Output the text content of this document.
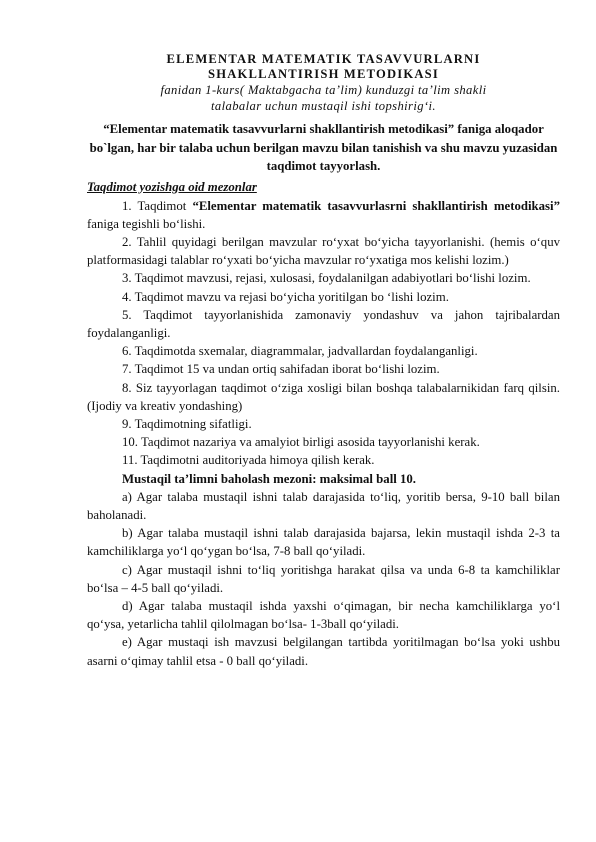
ELEMENTAR MATEMATIK TASAVVURLARNI

SHAKLLANTIRISH METODIKASI

fanidan 1-kurs( Maktabgacha ta’lim) kunduzgi ta’lim shakli

talabalar uchun mustaqil ishi topshirig‘i.

“Elementar matematik tasavvurlarni shakllantirish metodikasi” faniga aloqador bo`lgan, har bir talaba uchun berilgan mavzu bilan tanishish va shu mavzu yuzasidan taqdimot tayyorlash.

Taqdimot yozishga oid mezonlar

1. Taqdimot “Elementar matematik tasavvurlasrni shakllantirish metodikasi” faniga tegishli bo‘lishi.

2. Tahlil quyidagi berilgan mavzular ro‘yxat bo‘yicha tayyorlanishi. (hemis o‘quv platformasidagi talablar ro‘yxati bo‘yicha mavzular ro‘yxatiga mos kelishi lozim.)

3. Taqdimot mavzusi, rejasi, xulosasi, foydalanilgan adabiyotlari bo‘lishi lozim.

4. Taqdimot mavzu va rejasi bo‘yicha yoritilgan bo ‘lishi lozim.

5. Taqdimot tayyorlanishida zamonaviy yondashuv va jahon tajribalardan foydalanganligi.

6. Taqdimotda sxemalar, diagrammalar, jadvallardan foydalanganligi.

7. Taqdimot 15 va undan ortiq sahifadan iborat bo‘lishi lozim.

8. Siz tayyorlagan taqdimot o‘ziga xosligi bilan boshqa talabalarnikidan farq qilsin. (Ijodiy va kreativ yondashing)

9. Taqdimotning sifatligi.

10. Taqdimot nazariya va amalyiot birligi asosida tayyorlanishi kerak.

11. Taqdimotni auditoriyada himoya qilish kerak.

Mustaqil ta’limni baholash mezoni: maksimal ball 10.

a) Agar talaba mustaqil ishni talab darajasida to‘liq, yoritib bersa, 9-10 ball bilan baholanadi.

b) Agar talaba mustaqil ishni talab darajasida bajarsa, lekin mustaqil ishda 2-3 ta kamchiliklarga yo‘l qo‘ygan bo‘lsa, 7-8 ball qo‘yiladi.

c) Agar mustaqil ishni to‘liq yoritishga harakat qilsa va unda 6-8 ta kamchiliklar bo‘lsa – 4-5 ball qo‘yiladi.

d) Agar talaba mustaqil ishda yaxshi o‘qimagan, bir necha kamchiliklarga yo‘l qo‘ysa, yetarlicha tahlil qilolmagan bo‘lsa- 1-3ball qo‘yiladi.

e) Agar mustaqi ish mavzusi belgilangan tartibda yoritilmagan bo‘lsa yoki ushbu asarni o‘qimay tahlil etsa - 0 ball qo‘yiladi.
